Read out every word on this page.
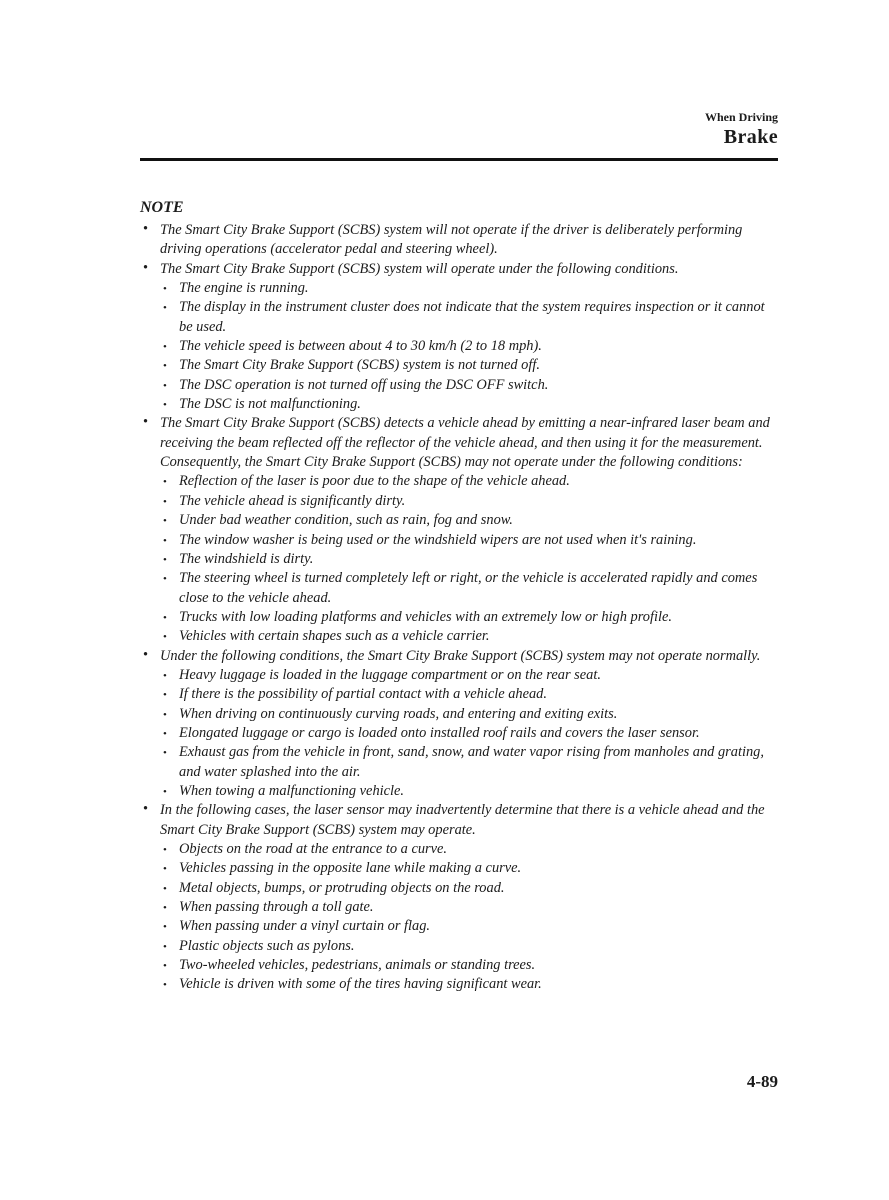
When Driving
Brake
NOTE
•
The Smart City Brake Support (SCBS) system will not operate if the driver is deliberately performing driving operations (accelerator pedal and steering wheel).
•
The Smart City Brake Support (SCBS) system will operate under the following conditions.
•
The engine is running.
•
The display in the instrument cluster does not indicate that the system requires inspection or it cannot be used.
•
The vehicle speed is between about 4 to 30 km/h (2 to 18 mph).
•
The Smart City Brake Support (SCBS) system is not turned off.
•
The DSC operation is not turned off using the DSC OFF switch.
•
The DSC is not malfunctioning.
•
The Smart City Brake Support (SCBS) detects a vehicle ahead by emitting a near-infrared laser beam and receiving the beam reflected off the reflector of the vehicle ahead, and then using it for the measurement. Consequently, the Smart City Brake Support (SCBS) may not operate under the following conditions:
•
Reflection of the laser is poor due to the shape of the vehicle ahead.
•
The vehicle ahead is significantly dirty.
•
Under bad weather condition, such as rain, fog and snow.
•
The window washer is being used or the windshield wipers are not used when it's raining.
•
The windshield is dirty.
•
The steering wheel is turned completely left or right, or the vehicle is accelerated rapidly and comes close to the vehicle ahead.
•
Trucks with low loading platforms and vehicles with an extremely low or high profile.
•
Vehicles with certain shapes such as a vehicle carrier.
•
Under the following conditions, the Smart City Brake Support (SCBS) system may not operate normally.
•
Heavy luggage is loaded in the luggage compartment or on the rear seat.
•
If there is the possibility of partial contact with a vehicle ahead.
•
When driving on continuously curving roads, and entering and exiting exits.
•
Elongated luggage or cargo is loaded onto installed roof rails and covers the laser sensor.
•
Exhaust gas from the vehicle in front, sand, snow, and water vapor rising from manholes and grating, and water splashed into the air.
•
When towing a malfunctioning vehicle.
•
In the following cases, the laser sensor may inadvertently determine that there is a vehicle ahead and the Smart City Brake Support (SCBS) system may operate.
•
Objects on the road at the entrance to a curve.
•
Vehicles passing in the opposite lane while making a curve.
•
Metal objects, bumps, or protruding objects on the road.
•
When passing through a toll gate.
•
When passing under a vinyl curtain or flag.
•
Plastic objects such as pylons.
•
Two-wheeled vehicles, pedestrians, animals or standing trees.
•
Vehicle is driven with some of the tires having significant wear.
4-89
